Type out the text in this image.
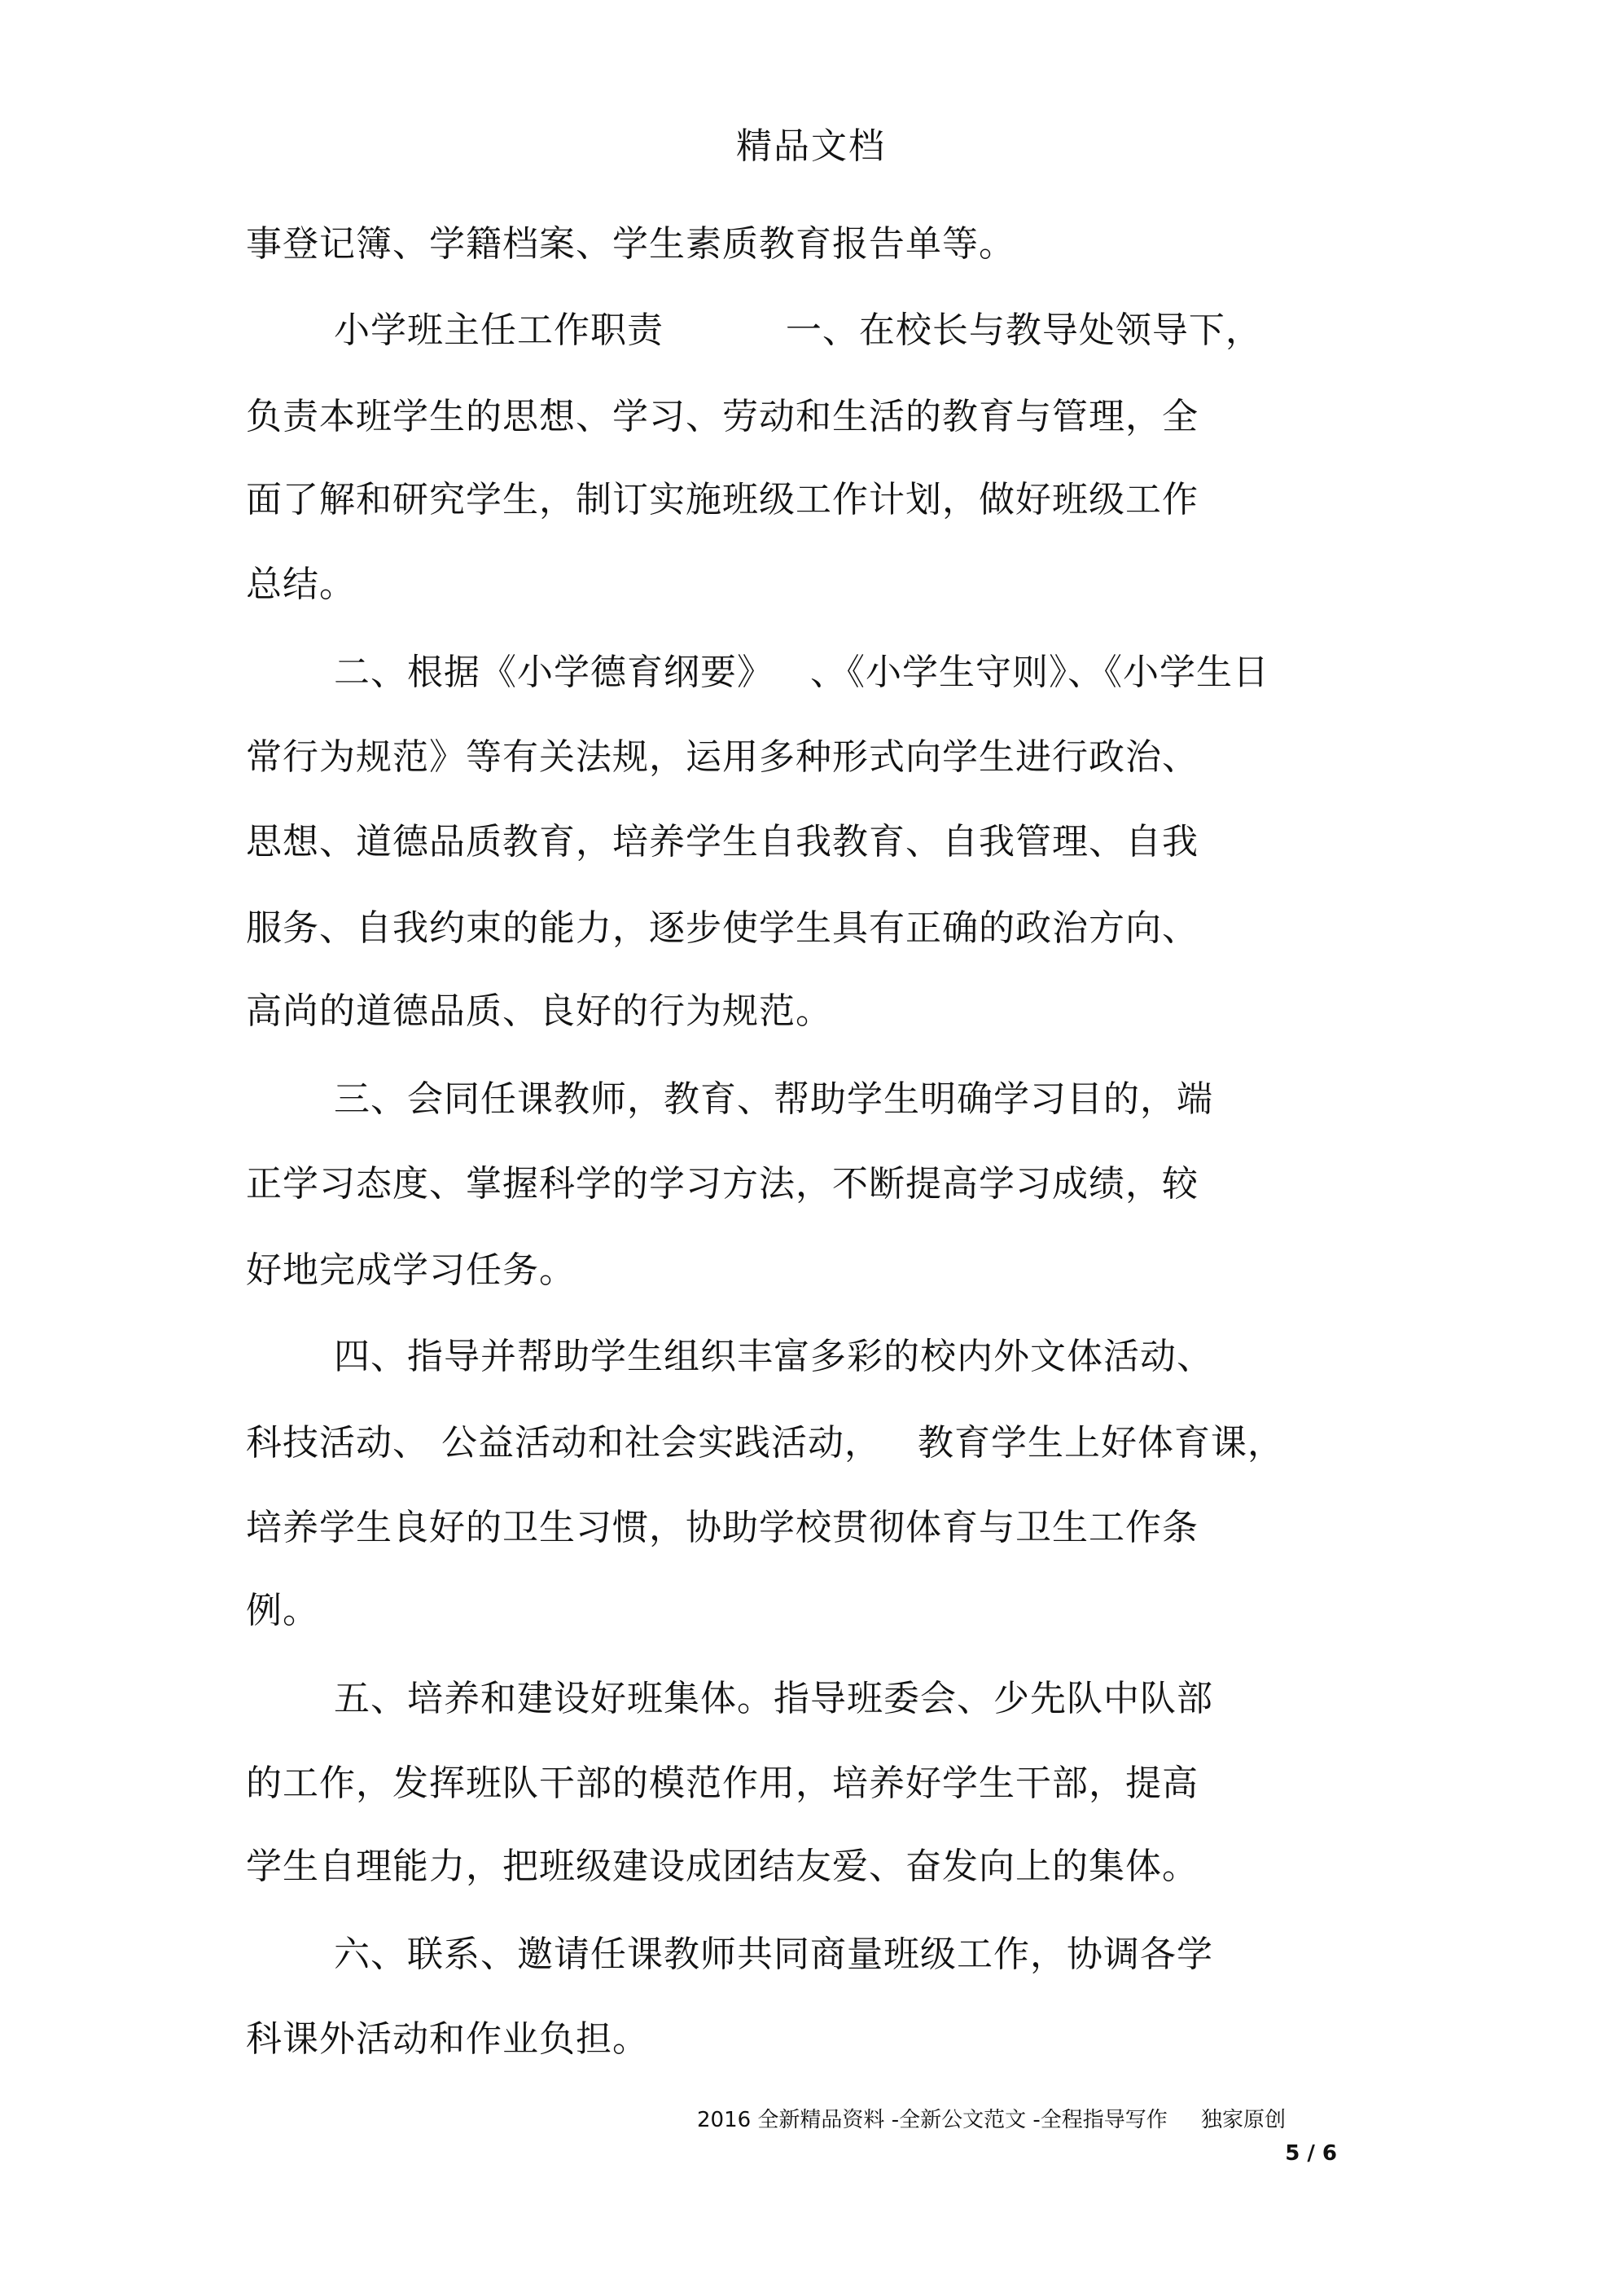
精品文档
事登记簿、学籍档案、学生素质教育报告单等。
小学班主任工作职责          一、在校长与教导处领导下，
负责本班学生的思想、学习、劳动和生活的教育与管理，全
面了解和研究学生，制订实施班级工作计划，做好班级工作
总结。
二、根据《小学德育纲要》   、《小学生守则》、《小学生日
常行为规范》等有关法规，运用多种形式向学生进行政治、
思想、道德品质教育，培养学生自我教育、自我管理、自我
服务、自我约束的能力，逐步使学生具有正确的政治方向、
高尚的道德品质、良好的行为规范。
三、会同任课教师，教育、帮助学生明确学习目的，端
正学习态度、掌握科学的学习方法，不断提高学习成绩，较
好地完成学习任务。
四、指导并帮助学生组织丰富多彩的校内外文体活动、
科技活动、 公益活动和社会实践活动，   教育学生上好体育课，
培养学生良好的卫生习惯，协助学校贯彻体育与卫生工作条
例。
五、培养和建设好班集体。指导班委会、少先队中队部
的工作，发挥班队干部的模范作用，培养好学生干部，提高
学生自理能力，把班级建设成团结友爱、奋发向上的集体。
六、联系、邀请任课教师共同商量班级工作，协调各学
科课外活动和作业负担。
2016 全新精品资料 -全新公文范文 -全程指导写作     独家原创
5 / 6
